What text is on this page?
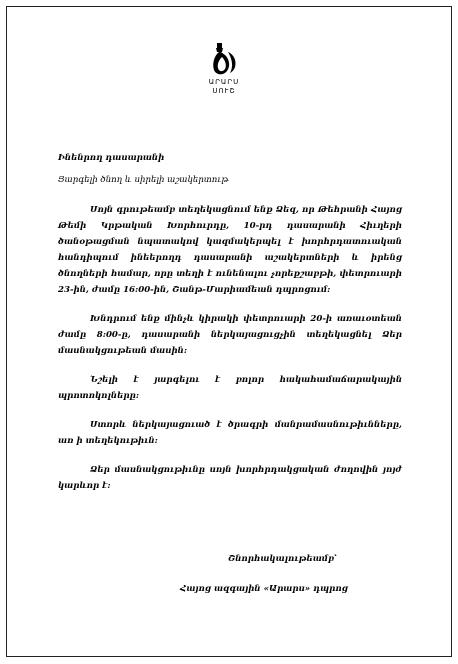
ԱՐԱՐՍ
ՍՈՒՇ
Ինենրող դասարանի
Յարգելի ծնող և սիրելի աշակերտութ

Սոյն գրութեամբ տեղեկացնում ենք Ձեզ, որ Թեհրանի Հայոց Թեմի Կրթական Խորհուրդը, 10-րդ դասարանի Հիւղերի ծանօթացման նպատակով կազմակերպել է խորհրդատուական հանդիպում ինեերողդ դասարանի աշակերտների և իրենց ծնողների համար, որը տեղի է ունենալու չորեքշաբթի, փետրուարի 23-ին, ժամը 16:00-ին, Շանթ-Մարիամեան դպրոցում:

Խնդրում ենք մինչև կիրակի փետրուարի 20-ի առաւօտեան ժամը 8:00-ը, դասարանի ներկայացուցչին տեղեկացնել Ձեր մասնակցութեան մասին:

Նշելի է յարգելու է բոլոր հակահամաճարակային պրոտոկոլները:

Ստորև ներկայացուած է ծրագրի մանրամասնութիւնները, առ ի տեղեկութիւն:

Ձեր մասնակցութիւնը սոյն խորհրդակցական ժողովին յոյժ կարևոր է:

Շնորհակալութեամբ՝
Հայոց ազգային «Արարս» դպրոց
